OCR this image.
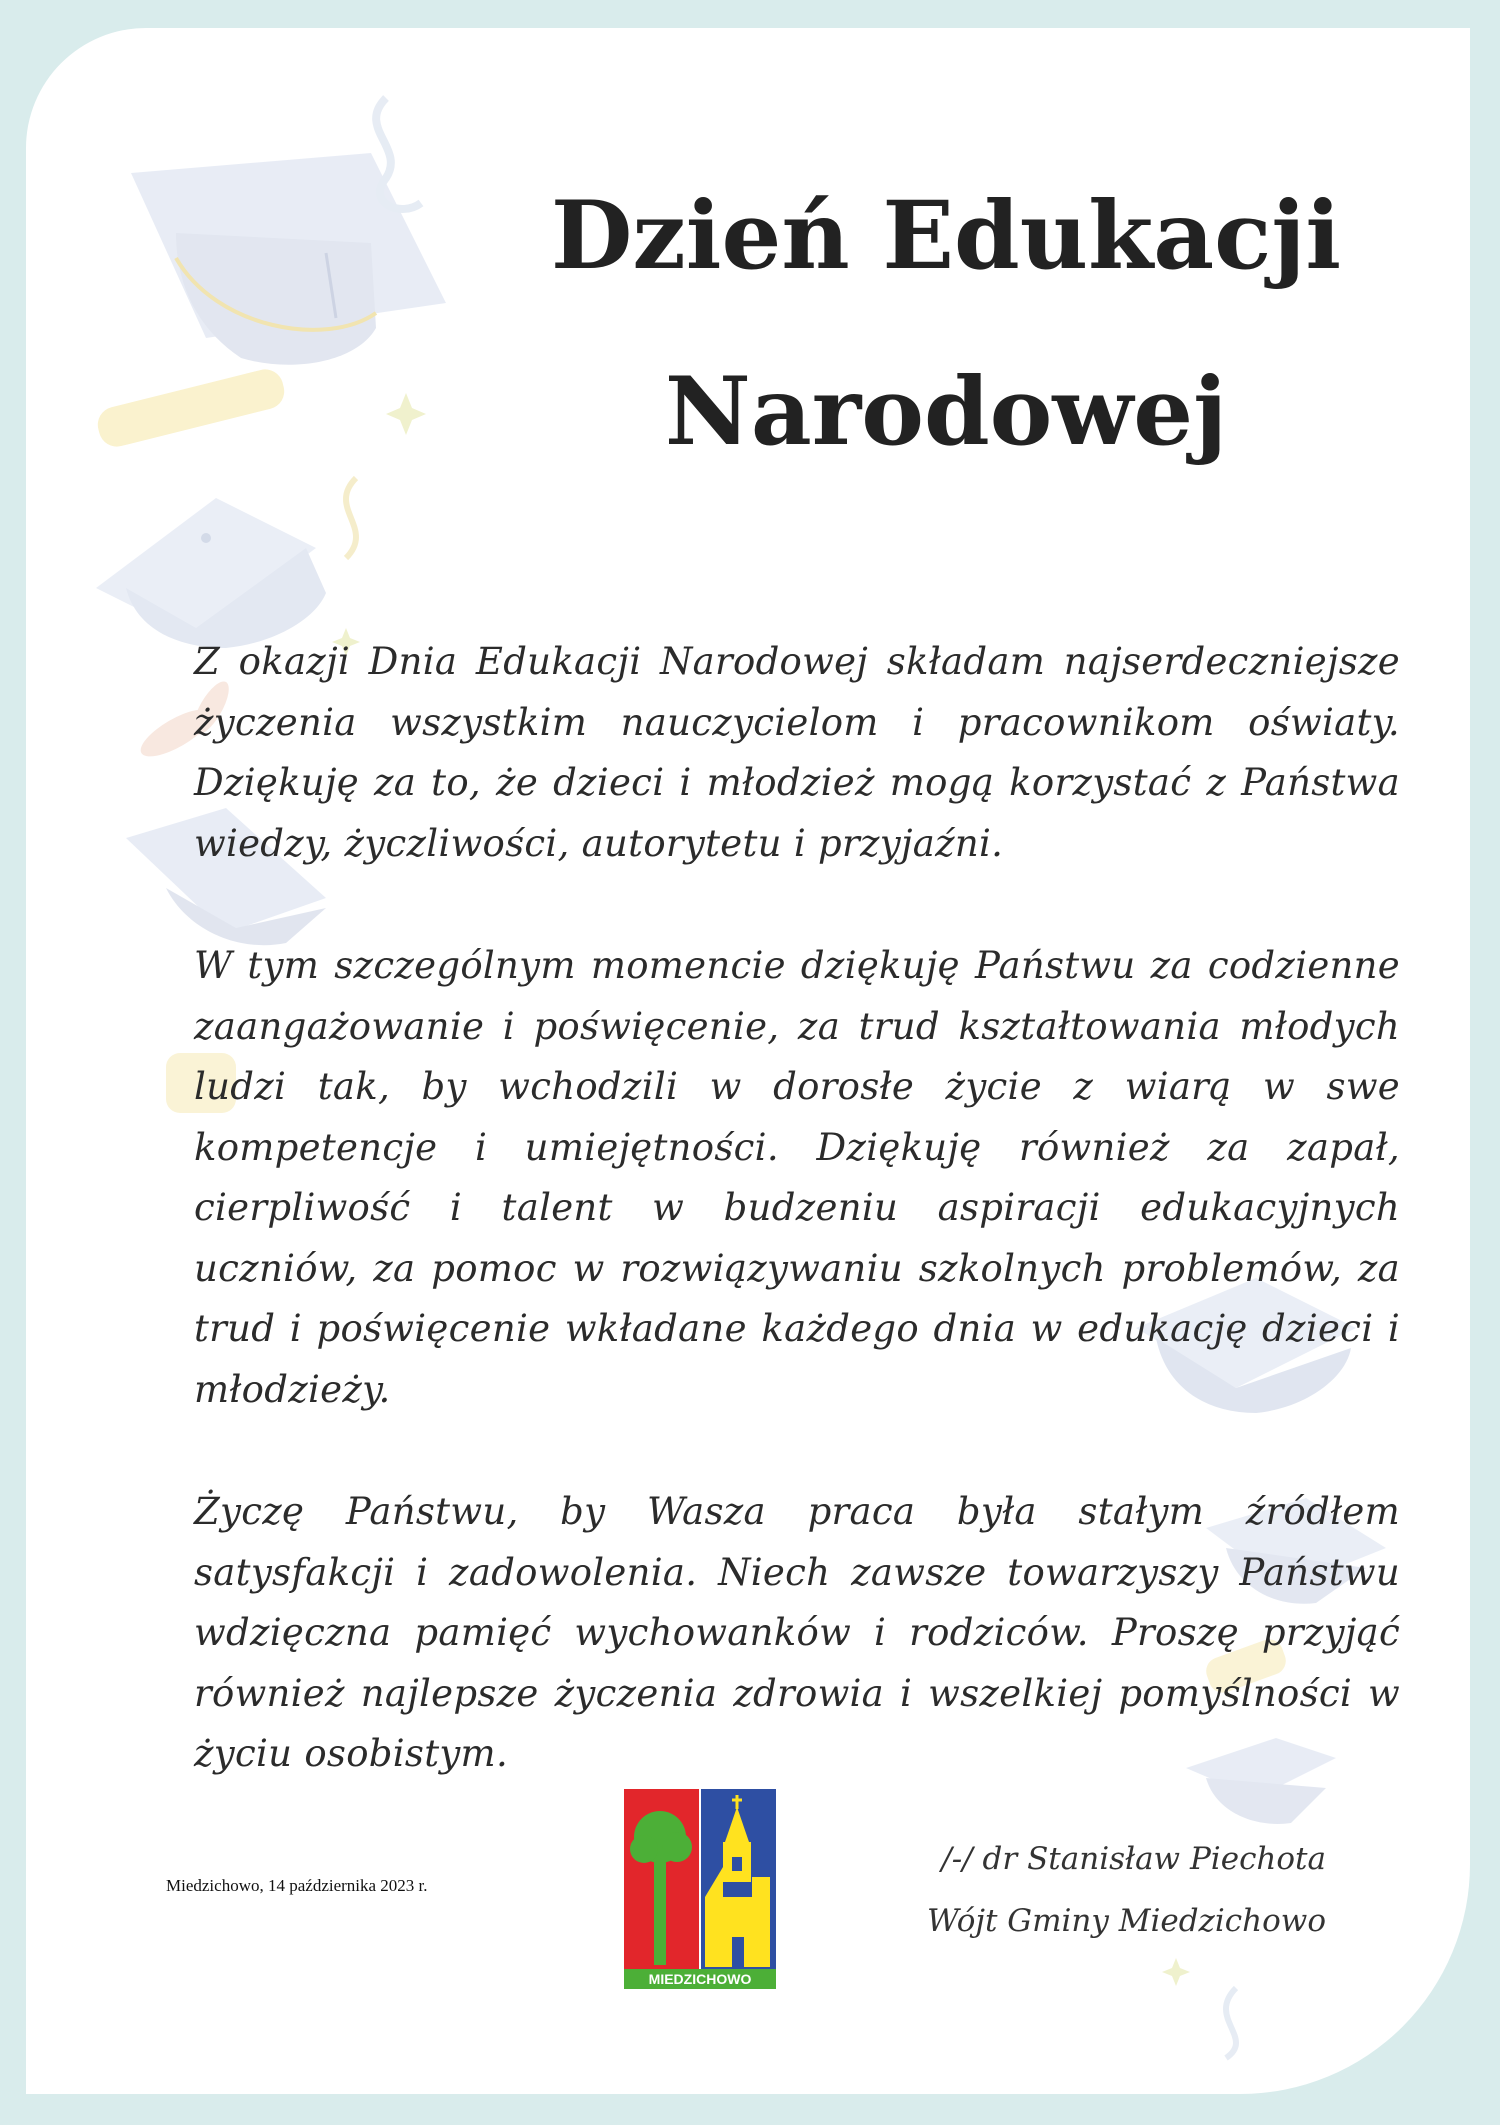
Dzień Edukacji
Narodowej

Z okazji Dnia Edukacji Narodowej składam najserdeczniejsze życzenia wszystkim nauczycielom i pracownikom oświaty. Dziękuję za to, że dzieci i młodzież mogą korzystać z Państwa wiedzy, życzliwości, autorytetu i przyjaźni.

W tym szczególnym momencie dziękuję Państwu za codzienne zaangażowanie i poświęcenie, za trud kształtowania młodych ludzi tak, by wchodzili w dorosłe życie z wiarą w swe kompetencje i umiejętności. Dziękuję również za zapał, cierpliwość i talent w budzeniu aspiracji edukacyjnych uczniów, za pomoc w rozwiązywaniu szkolnych problemów, za trud i poświęcenie wkładane każdego dnia w edukację dzieci i młodzieży.

Życzę Państwu, by Wasza praca była stałym źródłem satysfakcji i zadowolenia. Niech zawsze towarzyszy Państwu wdzięczna pamięć wychowanków i rodziców. Proszę przyjąć również najlepsze życzenia zdrowia i wszelkiej pomyślności w życiu osobistym.

Miedzichowo, 14 października 2023 r.
MIEDZICHOWO
/-/ dr Stanisław Piechota
Wójt Gminy Miedzichowo
